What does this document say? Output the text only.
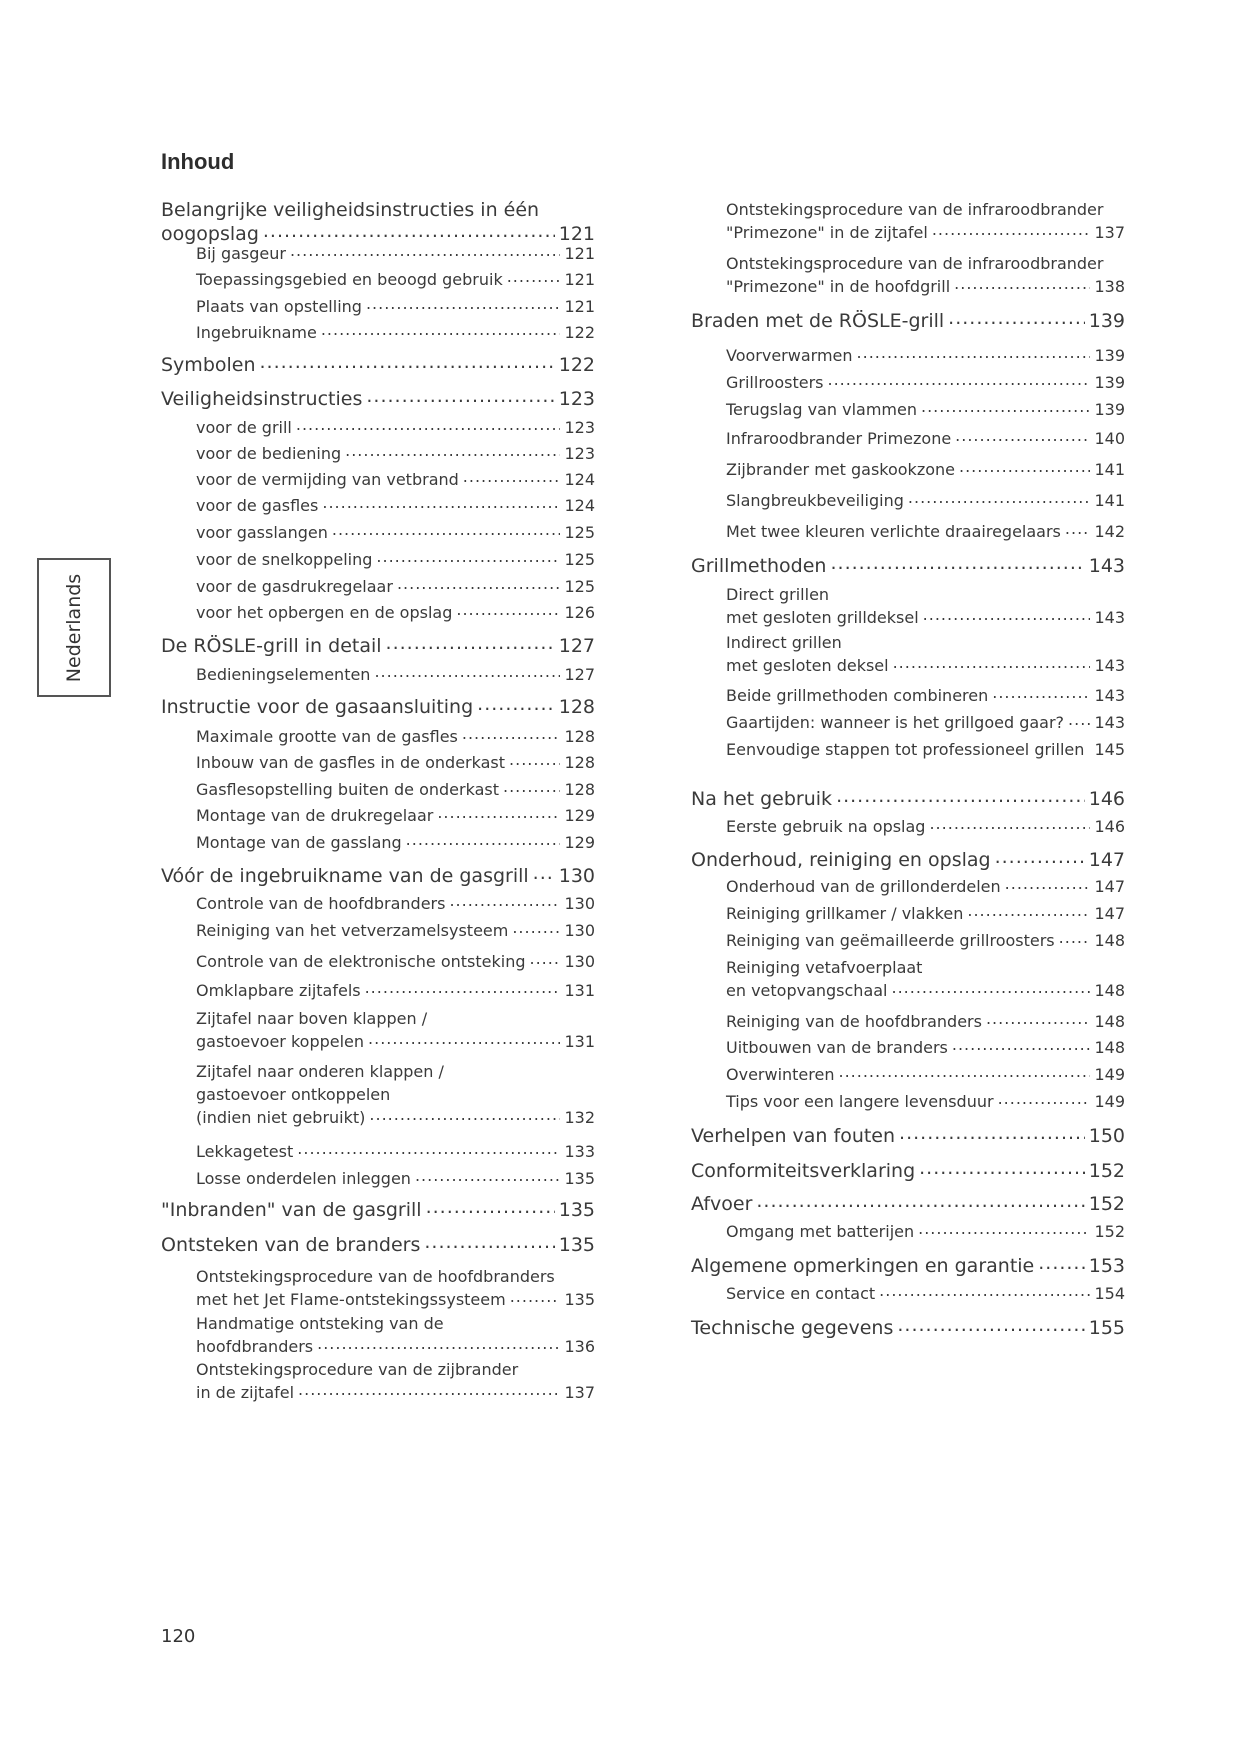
Inhoud
Nederlands
Belangrijke veiligheidsinstructies in één
oogopslag .....	121
Bij gasgeur .....	121
Toepassingsgebied en beoogd gebruik .....	121
Plaats van opstelling .....	121
Ingebruikname .....	122
Symbolen .....	122
Veiligheidsinstructies .....	123
voor de grill .....	123
voor de bediening .....	123
voor de vermijding van vetbrand .....	124
voor de gasfles .....	124
voor gasslangen .....	125
voor de snelkoppeling .....	125
voor de gasdrukregelaar .....	125
voor het opbergen en de opslag .....	126
De RÖSLE-grill in detail .....	127
Bedieningselementen .....	127
Instructie voor de gasaansluiting .....	128
Maximale grootte van de gasfles .....	128
Inbouw van de gasfles in de onderkast .....	128
Gasflesopstelling buiten de onderkast .....	128
Montage van de drukregelaar .....	129
Montage van de gasslang .....	129
Vóór de ingebruikname van de gasgrill ..... 130
Controle van de hoofdbranders .....	130
Reiniging van het vetverzamelsysteem .....	130
Controle van de elektronische ontsteking ..... 130
Omklapbare zijtafels .....	131
Zijtafel naar boven klappen /
gastoevoer koppelen .....	131
Zijtafel naar onderen klappen /
gastoevoer ontkoppelen
(indien niet gebruikt) .....	132
Lekkagetest .....	133
Losse onderdelen inleggen .....	135
"Inbranden" van de gasgrill .....	135
Ontsteken van de branders .....	135
Ontstekingsprocedure van de hoofdbranders
met het Jet Flame-ontstekingssysteem .....	135
Handmatige ontsteking van de
hoofdbranders .....	136
Ontstekingsprocedure van de zijbrander
in de zijtafel .....	137
Ontstekingsprocedure van de infraroodbrander
"Primezone" in de zijtafel .....	137
Ontstekingsprocedure van de infraroodbrander
"Primezone" in de hoofdgrill .....	138
Braden met de RÖSLE-grill .....	139
Voorverwarmen .....	139
Grillroosters .....	139
Terugslag van vlammen .....	139
Infraroodbrander Primezone .....	140
Zijbrander met gaskookzone .....	141
Slangbreukbeveiliging .....	141
Met twee kleuren verlichte draairegelaars ..... 142
Grillmethoden .....	143
Direct grillen
met gesloten grilldeksel .....	143
Indirect grillen
met gesloten deksel .....	143
Beide grillmethoden combineren .....	143
Gaartijden: wanneer is het grillgoed gaar? ..... 143
Eenvoudige stappen tot professioneel grillen ..... 145
Na het gebruik .....	146
Eerste gebruik na opslag .....	146
Onderhoud, reiniging en opslag .....	147
Onderhoud van de grillonderdelen .....	147
Reiniging grillkamer / vlakken .....	147
Reiniging van geëmailleerde grillroosters ..... 148
Reiniging vetafvoerplaat
en vetopvangschaal .....	148
Reiniging van de hoofdbranders .....	148
Uitbouwen van de branders .....	148
Overwinteren .....	149
Tips voor een langere levensduur .....	149
Verhelpen van fouten .....	150
Conformiteitsverklaring .....	152
Afvoer .....	152
Omgang met batterijen .....	152
Algemene opmerkingen en garantie .....	153
Service en contact .....	154
Technische gegevens .....	155
120
